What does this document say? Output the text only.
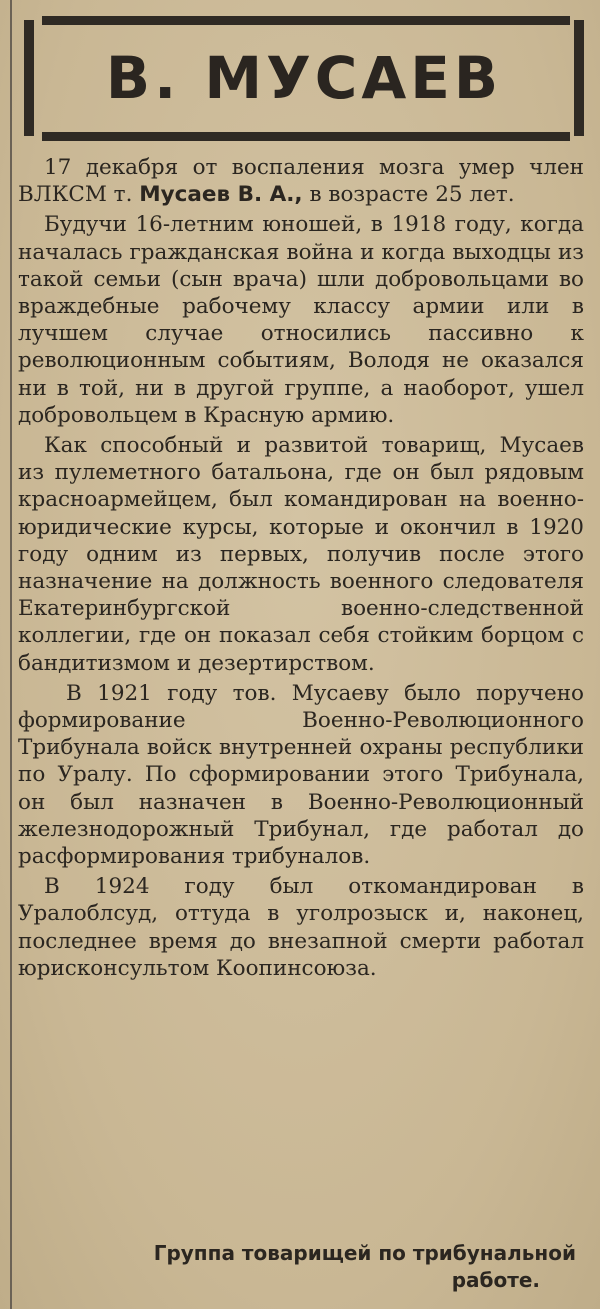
В. МУСАЕВ

17 декабря от воспаления мозга умер член ВЛКСМ т. Мусаев В. А., в возрасте 25 лет.

Будучи 16-летним юношей, в 1918 году, когда началась гражданская война и когда выходцы из такой семьи (сын врача) шли добровольцами во враждебные рабочему классу армии или в лучшем случае относились пассивно к революционным событиям, Володя не оказался ни в той, ни в другой группе, а наоборот, ушел добровольцем в Красную армию.

Как способный и развитой товарищ, Мусаев из пулеметного батальона, где он был рядовым красноармейцем, был командирован на военно-юридические курсы, которые и окончил в 1920 году одним из первых, получив после этого назначение на должность военного следователя Екатеринбургской военно-следственной коллегии, где он показал себя стойким борцом с бандитизмом и дезертирством.

В 1921 году тов. Мусаеву было поручено формирование Военно-Революционного Трибунала войск внутренней охраны республики по Уралу. По сформировании этого Трибунала, он был назначен в Военно-Революционный железнодорожный Трибунал, где работал до расформирования трибуналов.

В 1924 году был откомандирован в Уралоблсуд, оттуда в уголрозыск и, наконец, последнее время до внезапной смерти работал юрисконсультом Коопинсоюза.

Группа товарищей по трибунальной
работе.
